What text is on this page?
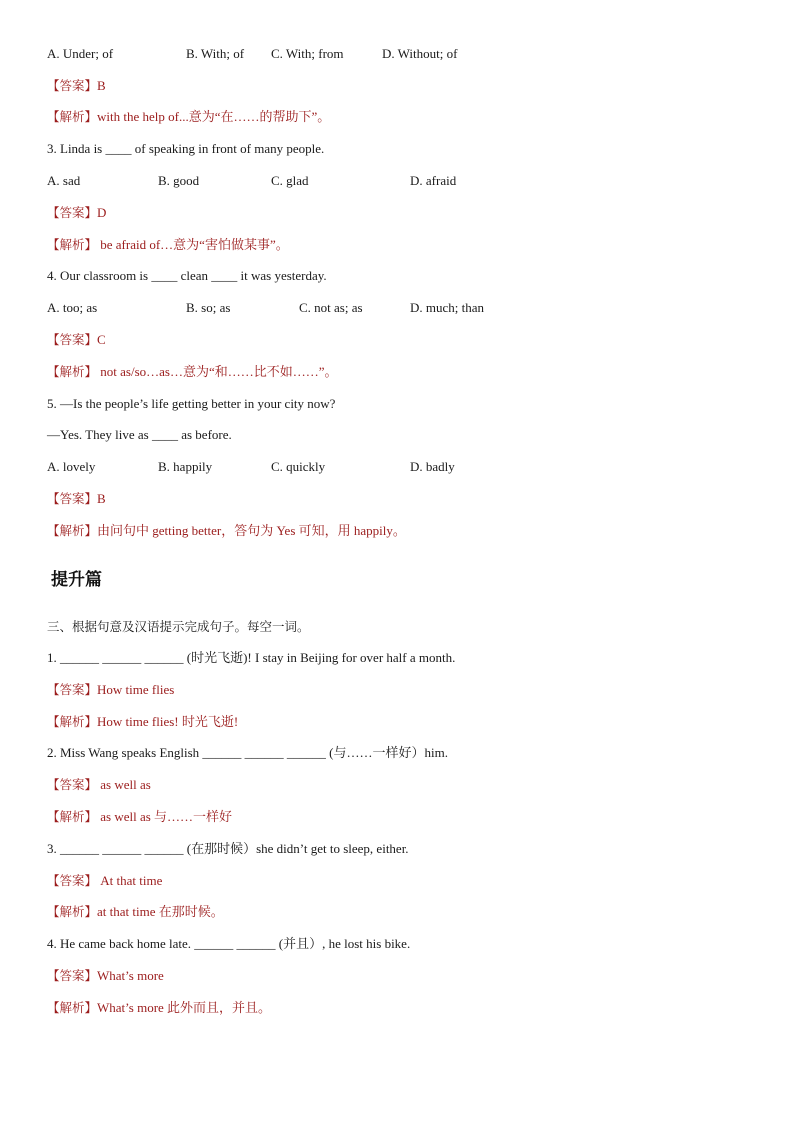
A. Under; of	B. With; of C. With; from	D. Without; of
【答案】B
【解析】with the help of...意为“在……的帮助下”。
3. Linda is ____ of speaking in front of many people.
A. sad	B. good	C. glad	D. afraid
【答案】D
【解析】 be afraid of…意为“害怕做某事”。
4. Our classroom is ____ clean ____ it was yesterday.
A. too; as	B. so; as	C. not as; as	D. much; than
【答案】C
【解析】 not as/so…as…意为“和……比不如……”。
5. —Is the people’s life getting better in your city now?
—Yes. They live as ____ as before.
A. lovely	B. happily	C. quickly	D. badly
【答案】B
【解析】由问句中 getting better，答句为 Yes 可知，用 happily。
提升篇
三、根据句意及汉语提示完成句子。每空一词。
1. ______ ______ ______ (时光飞逝)! I stay in Beijing for over half a month.
【答案】How time flies
【解析】How time flies! 时光飞逝!
2. Miss Wang speaks English ______ ______ ______ (与……一样好）him.
【答案】 as well as
【解析】 as well as 与……一样好
3. ______ ______ ______ (在那时候）she didn’t get to sleep, either.
【答案】 At that time
【解析】at that time 在那时候。
4. He came back home late. ______ ______ (并且）, he lost his bike.
【答案】What’s more
【解析】What’s more 此外而且，并且。
